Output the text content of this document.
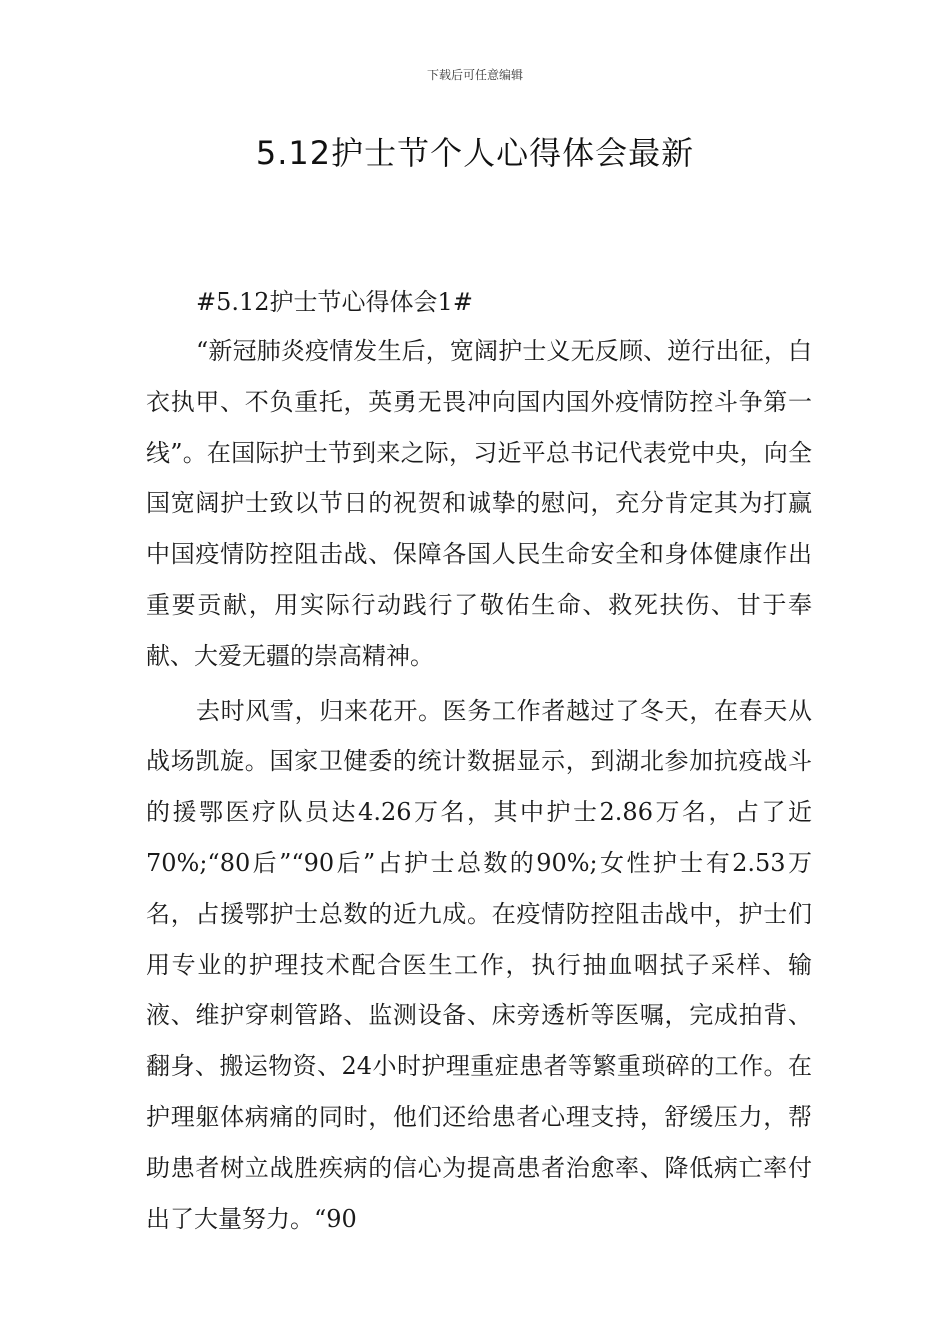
下载后可任意编辑
5.12护士节个人心得体会最新
#5.12护士节心得体会1#

“新冠肺炎疫情发生后，宽阔护士义无反顾、逆行出征，白衣执甲、不负重托，英勇无畏冲向国内国外疫情防控斗争第一线”。在国际护士节到来之际，习近平总书记代表党中央，向全国宽阔护士致以节日的祝贺和诚挚的慰问，充分肯定其为打赢中国疫情防控阻击战、保障各国人民生命安全和身体健康作出重要贡献，用实际行动践行了敬佑生命、救死扶伤、甘于奉献、大爱无疆的崇高精神。

去时风雪，归来花开。医务工作者越过了冬天，在春天从战场凯旋。国家卫健委的统计数据显示，到湖北参加抗疫战斗的援鄂医疗队员达4.26万名，其中护士2.86万名，占了近70%;“80后”“90后”占护士总数的90%;女性护士有2.53万名，占援鄂护士总数的近九成。在疫情防控阻击战中，护士们用专业的护理技术配合医生工作，执行抽血咽拭子采样、输液、维护穿刺管路、监测设备、床旁透析等医嘱，完成拍背、翻身、搬运物资、24小时护理重症患者等繁重琐碎的工作。在护理躯体病痛的同时，他们还给患者心理支持，舒缓压力，帮助患者树立战胜疾病的信心为提高患者治愈率、降低病亡率付出了大量努力。“90
